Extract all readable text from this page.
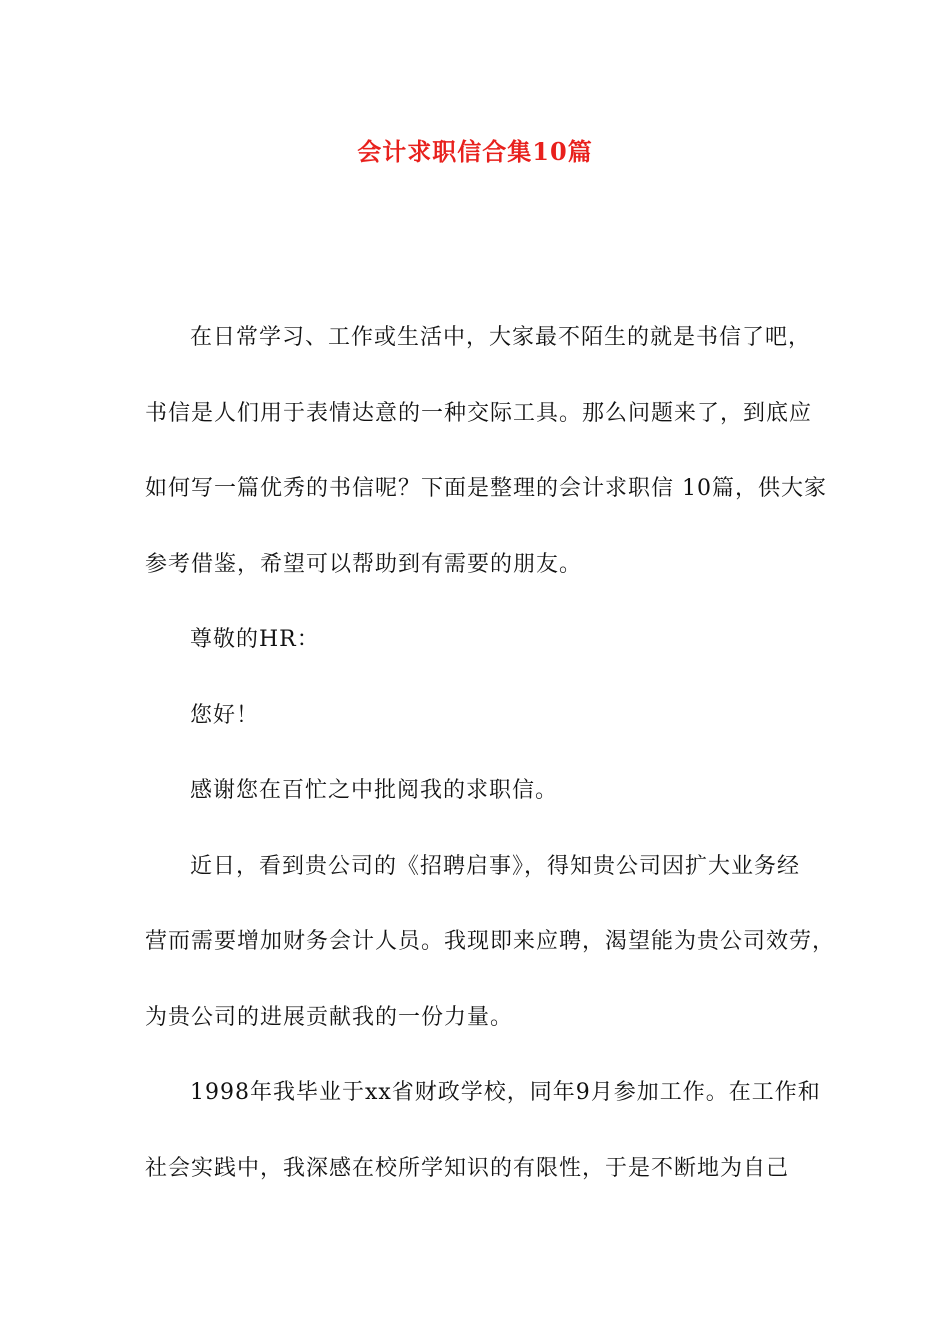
会计求职信合集10篇
在日常学习、工作或生活中，大家最不陌生的就是书信了吧，
书信是人们用于表情达意的一种交际工具。那么问题来了，到底应
如何写一篇优秀的书信呢？下面是整理的会计求职信 10篇，供大家
参考借鉴，希望可以帮助到有需要的朋友。
尊敬的HR：
您好！
感谢您在百忙之中批阅我的求职信。
近日，看到贵公司的《招聘启事》，得知贵公司因扩大业务经
营而需要增加财务会计人员。我现即来应聘，渴望能为贵公司效劳，
为贵公司的进展贡献我的一份力量。
1998年我毕业于xx省财政学校，同年9月参加工作。在工作和
社会实践中，我深感在校所学知识的有限性，于是不断地为自己
